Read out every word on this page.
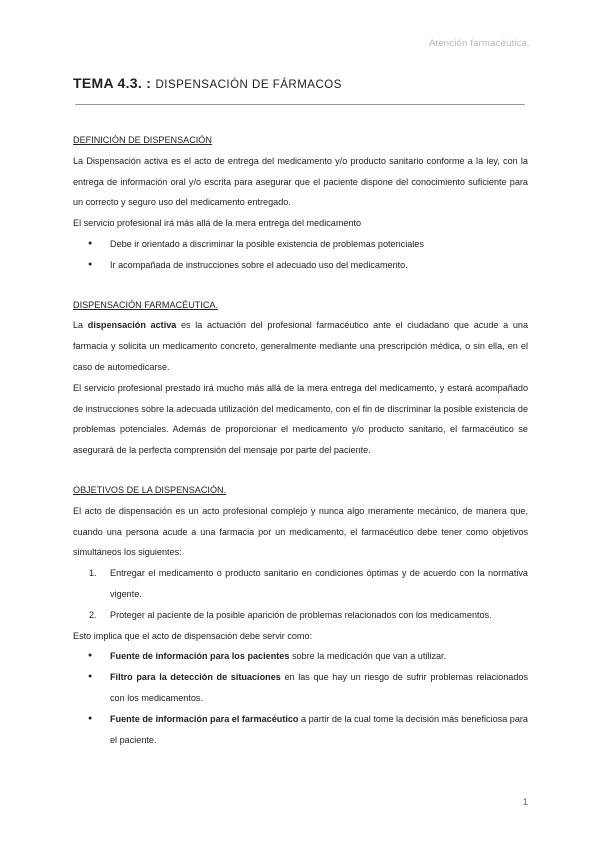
Atención farmacéutica.
TEMA 4.3. : DISPENSACIÓN DE FÁRMACOS
DEFINICIÓN DE DISPENSACIÓN

La Dispensación activa es el acto de entrega del medicamento y/o producto sanitario conforme a la ley, con la entrega de información oral y/o escrita para asegurar que el paciente dispone del conocimiento suficiente para un correcto y seguro uso del medicamento entregado.

El servicio profesional irá más allá de la mera entrega del medicamento

● Debe ir orientado a discriminar la posible existencia de problemas potenciales
● Ir acompañada de instrucciones sobre el adecuado uso del medicamento.
DISPENSACIÓN FARMACÉUTICA.

La dispensación activa es la actuación del profesional farmacéutico ante el ciudadano que acude a una farmacia y solicita un medicamento concreto, generalmente mediante una prescripción médica, o sin ella, en el caso de automedicarse.

El servicio profesional prestado irá mucho más allá de la mera entrega del medicamento, y estará acompañado de instrucciones sobre la adecuada utilización del medicamento, con el fin de discriminar la posible existencia de problemas potenciales. Además de proporcionar el medicamento y/o producto sanitario, el farmacéutico se asegurará de la perfecta comprensión del mensaje por parte del paciente.

OBJETIVOS DE LA DISPENSACIÓN.

El acto de dispensación es un acto profesional complejo y nunca algo meramente mecánico, de manera que, cuando una persona acude a una farmacia por un medicamento, el farmacéutico debe tener como objetivos simultáneos los siguientes:

1. Entregar el medicamento o producto sanitario en condiciones óptimas y de acuerdo con la normativa vigente.
2. Proteger al paciente de la posible aparición de problemas relacionados con los medicamentos.

Esto implica que el acto de dispensación debe servir como:

● Fuente de información para los pacientes sobre la medicación que van a utilizar.
● Filtro para la detección de situaciones en las que hay un riesgo de sufrir problemas relacionados con los medicamentos.
● Fuente de información para el farmacéutico a partir de la cual tome la decisión más beneficiosa para el paciente.
1
